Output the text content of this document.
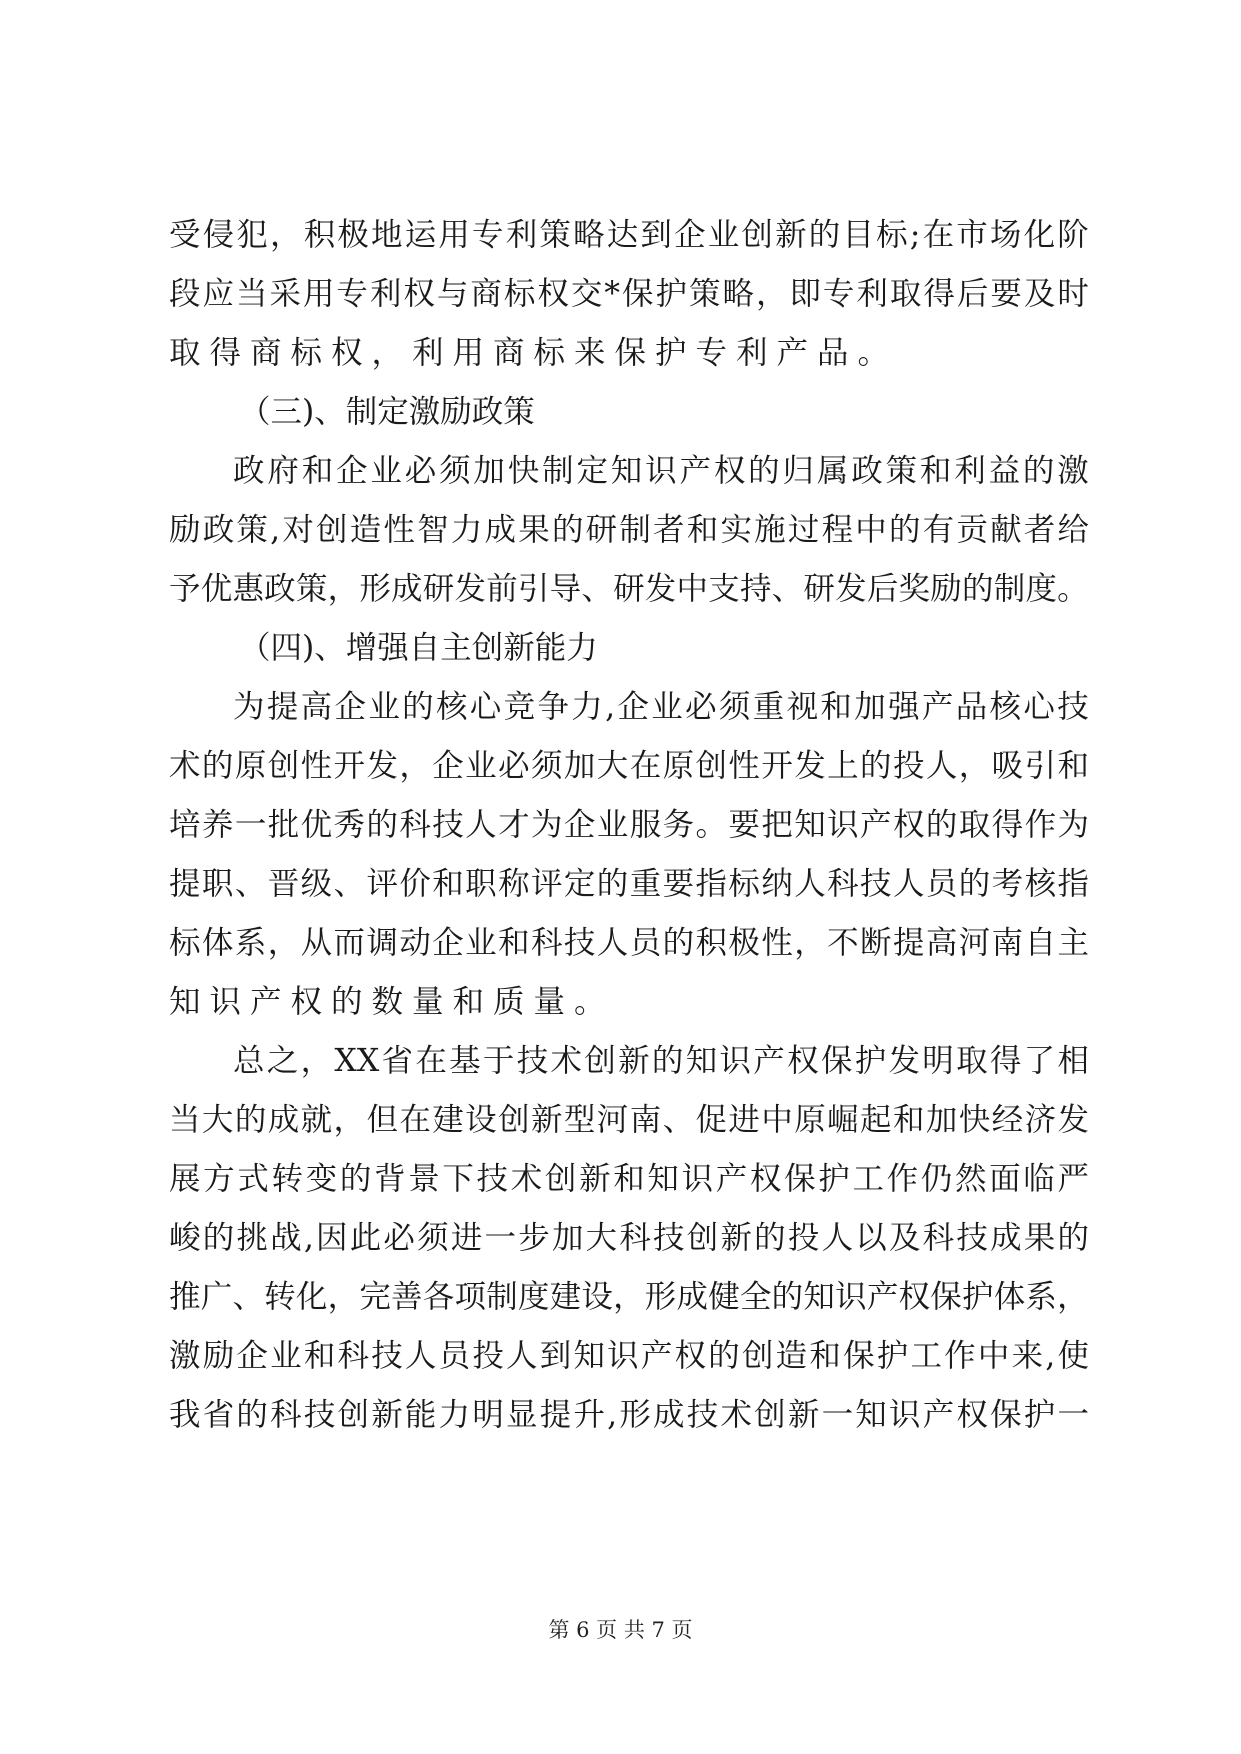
受 侵 犯 ， 积 极 地 运 用 专 利 策 略 达 到 企 业 创 新 的 目 标 ; 在 市 场 化 阶
段 应 当 采 用 专 利 权 与 商 标 权 交 * 保 护 策 略 ， 即 专 利 取 得 后 要 及 时
取得商标权，利用商标来保护专利产品。
（三)、制定激励政策
政 府 和 企 业 必 须 加 快 制 定 知 识 产 权 的 归 属 政 策 和 利 益 的 激
励 政 策 , 对 创 造 性 智 力 成 果 的 研 制 者 和 实 施 过 程 中 的 有 贡 献 者 给
予 优 惠 政 策 ， 形 成 研 发 前 引 导 、 研 发 中 支 持 、 研 发 后 奖 励 的 制 度 。
（四)、增强自主创新能力
为 提 高 企 业 的 核 心 竞 争 力 , 企 业 必 须 重 视 和 加 强 产 品 核 心 技
术 的 原 创 性 开 发 ， 企 业 必 须 加 大 在 原 创 性 开 发 上 的 投 人 ， 吸 引 和
培 养 一 批 优 秀 的 科 技 人 才 为 企 业 服 务 。 要 把 知 识 产 权 的 取 得 作 为
提 职 、 晋 级 、 评 价 和 职 称 评 定 的 重 要 指 标 纳 人 科 技 人 员 的 考 核 指
标 体 系 ， 从 而 调 动 企 业 和 科 技 人 员 的 积 极 性 ， 不 断 提 高 河 南 自 主
知识产权的数量和质量。
总 之 ， XX 省 在 基 于 技 术 创 新 的 知 识 产 权 保 护 发 明 取 得 了 相
当 大 的 成 就 ， 但 在 建 设 创 新 型 河 南 、 促 进 中 原 崛 起 和 加 快 经 济 发
展 方 式 转 变 的 背 景 下 技 术 创 新 和 知 识 产 权 保 护 工 作 仍 然 面 临 严
峻 的 挑 战 , 因 此 必 须 进 一 步 加 大 科 技 创 新 的 投 人 以 及 科 技 成 果 的
推 广 、 转 化 ， 完 善 各 项 制 度 建 设 ， 形 成 健 全 的 知 识 产 权 保 护 体 系 ，
激 励 企 业 和 科 技 人 员 投 人 到 知 识 产 权 的 创 造 和 保 护 工 作 中 来 , 使
我 省 的 科 技 创 新 能 力 明 显 提 升 , 形 成 技 术 创 新 一 知 识 产 权 保 护 一
第 6 页 共 7 页
